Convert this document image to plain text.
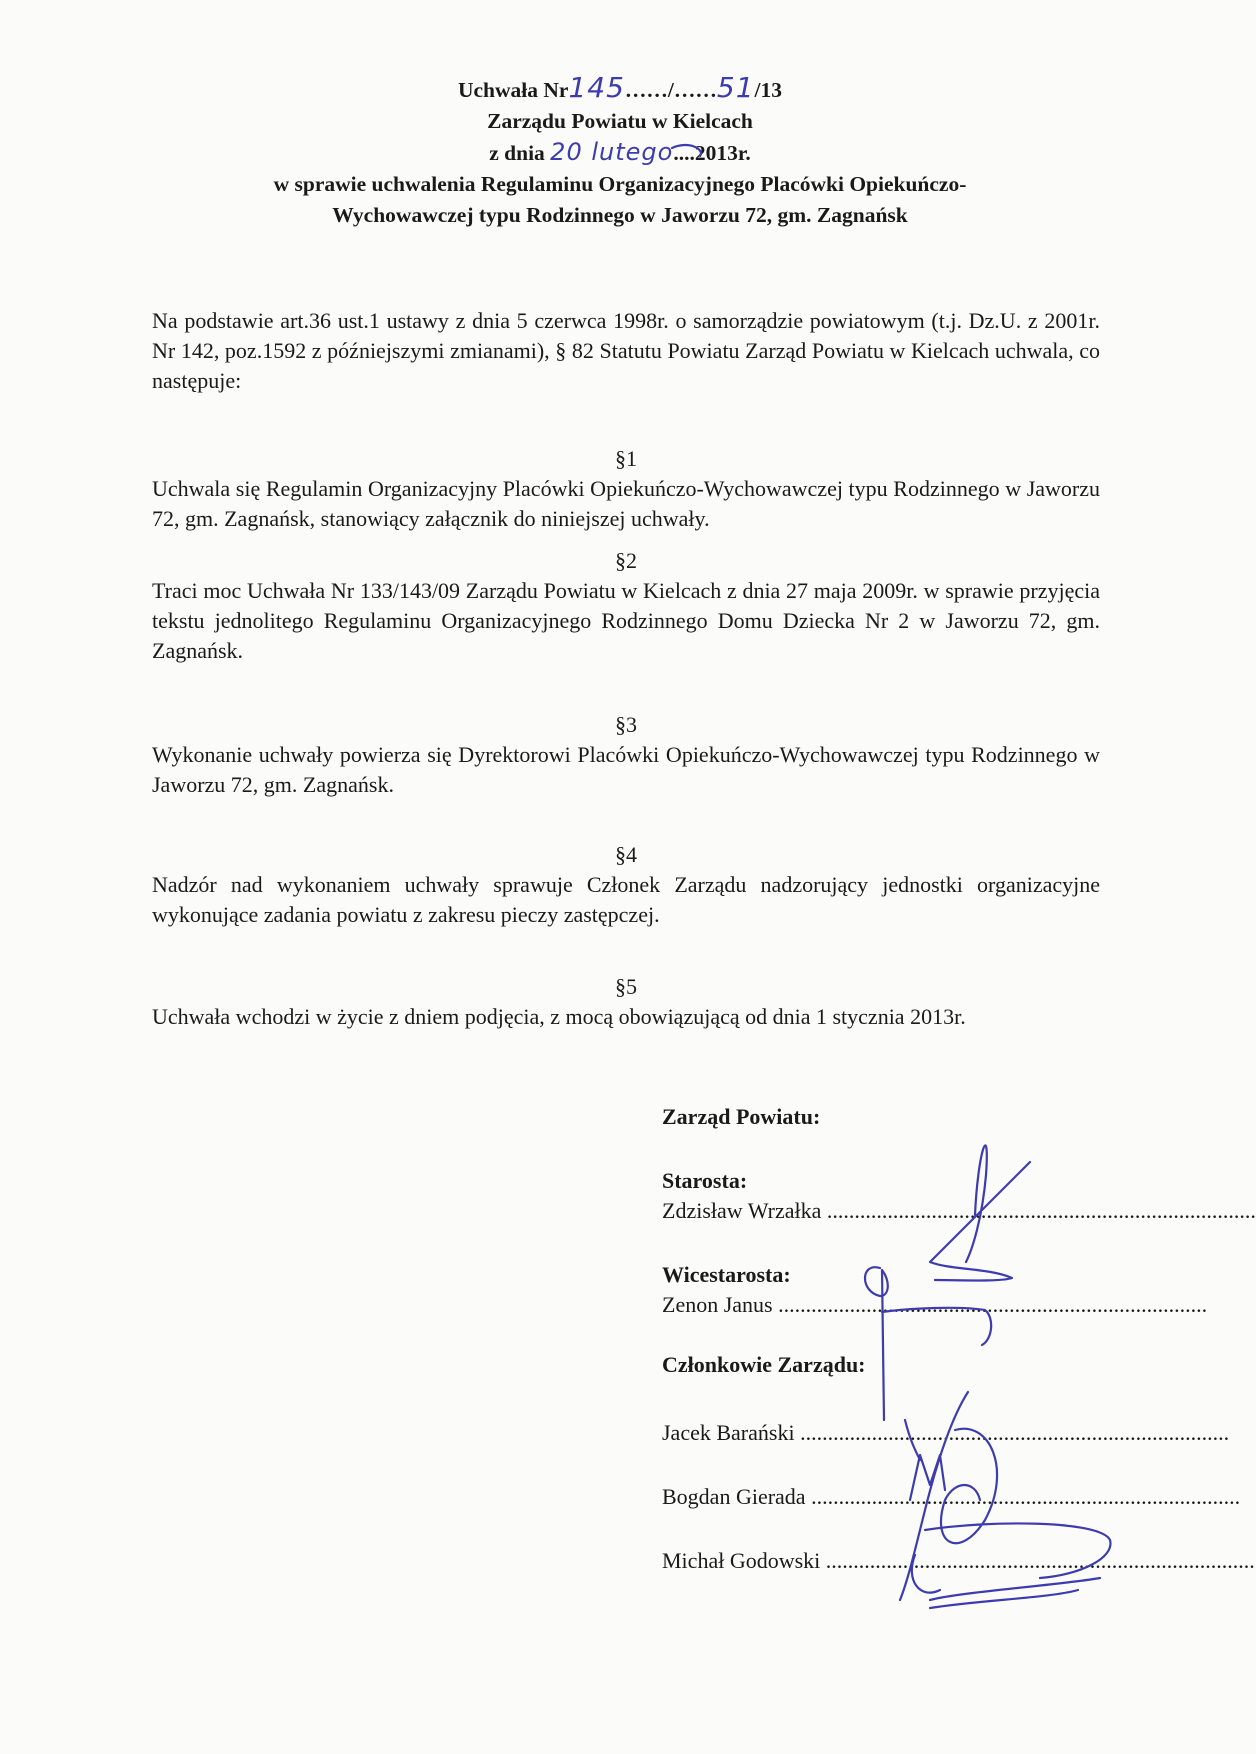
Uchwała Nr145……/……51/13
Zarządu Powiatu w Kielcach
z dnia 20 lutego....2013r.
w sprawie uchwalenia Regulaminu Organizacyjnego Placówki Opiekuńczo-
Wychowawczej typu Rodzinnego w Jaworzu 72, gm. Zagnańsk
Na podstawie art.36 ust.1 ustawy z dnia 5 czerwca 1998r. o samorządzie powiatowym (t.j. Dz.U. z 2001r. Nr 142, poz.1592 z późniejszymi zmianami), § 82 Statutu Powiatu Zarząd Powiatu w Kielcach uchwala, co następuje:
§1
Uchwala się Regulamin Organizacyjny Placówki Opiekuńczo-Wychowawczej typu Rodzinnego w Jaworzu 72, gm. Zagnańsk, stanowiący załącznik do niniejszej uchwały.
§2
Traci moc Uchwała Nr 133/143/09 Zarządu Powiatu w Kielcach z dnia 27 maja 2009r. w sprawie przyjęcia tekstu jednolitego Regulaminu Organizacyjnego Rodzinnego Domu Dziecka Nr 2 w Jaworzu 72, gm. Zagnańsk.
§3
Wykonanie uchwały powierza się Dyrektorowi Placówki Opiekuńczo-Wychowawczej typu Rodzinnego w Jaworzu 72, gm. Zagnańsk.
§4
Nadzór nad wykonaniem uchwały sprawuje Członek Zarządu nadzorujący jednostki organizacyjne wykonujące zadania powiatu z zakresu pieczy zastępczej.
§5
Uchwała wchodzi w życie z dniem podjęcia, z mocą obowiązującą od dnia 1 stycznia 2013r.
Zarząd Powiatu:
Starosta:
Zdzisław Wrzałka ..............................................................................
Wicestarosta:
Zenon Janus ..............................................................................
Członkowie Zarządu:
Jacek Barański ..............................................................................
Bogdan Gierada ..............................................................................
Michał Godowski ..............................................................................
